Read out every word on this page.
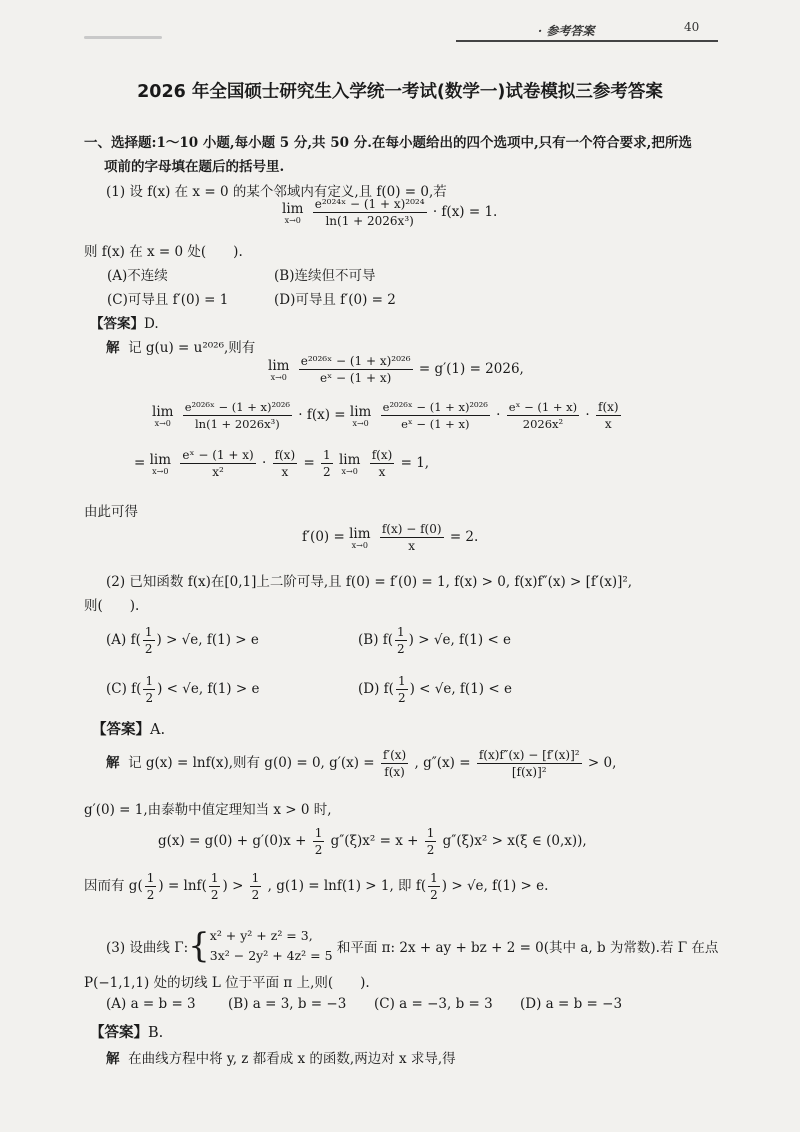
· 参考答案	40
2026 年全国硕士研究生入学统一考试(数学一)试卷模拟三参考答案
一、选择题:1～10 小题,每小题 5 分,共 50 分.在每小题给出的四个选项中,只有一个符合要求,把所选
项前的字母填在题后的括号里.
(1) 设 f(x) 在 x = 0 的某个邻域内有定义,且 f(0) = 0,若
lim
x→0
$\frac{\text{e²⁰²⁴ˣ − (1 + x)²⁰²⁴}}{\text{ln(1 + 2026x³)}} \cdot f(x) = 1$.
则 f(x) 在 x = 0 处(　　).
(A)不连续	(B)连续但不可导
(C)可导且 f′(0) = 1	(D)可导且 f′(0) = 2
【答案】D.
解 记 g(u) = u²⁰²⁶,则有
lim
x→0
$\frac{\text{e²⁰²⁶ˣ − (1 + x)²⁰²⁶}}{\text{eˣ − (1 + x)}} = g'(1) = 2026$,
lim
x→0
$\frac{\text{e²⁰²⁶ˣ − (1 + x)²⁰²⁶}}{\text{ln(1 + 2026x³)}} \cdot f(x) = \lim$
x→0
$\frac{\text{e²⁰²⁶ˣ − (1 + x)²⁰²⁶}}{\text{eˣ − (1 + x)}} \cdot \frac{\text{eˣ − (1 + x)}}{\text{2026x²}} \cdot \frac{f(x)}{x}$
= lim
x→0
$\frac{\text{eˣ − (1 + x)}}{\text{x²}} \cdot \frac{f(x)}{x} = \frac{1}{2}$ lim
x→0
$\frac{f(x)}{x} = 1$,
由此可得
f′(0) = lim
x→0
$\frac{f(x) - f(0)}{x} = 2$.
(2) 已知函数 f(x)在[0,1]上二阶可导,且 f(0) = f′(0) = 1, f(x) > 0, f(x)f″(x) > [f′(x)]²,
则(　　).
(A) $f( \frac{1}{2}$ ) > √e, f(1) > e	(B) $f( \frac{1}{2}$ ) > √e, f(1) < e
(C) $f( \frac{1}{2}$ ) < √e, f(1) > e	(D) $f( \frac{1}{2}$ ) < √e, f(1) < e
【答案】A.
解 记 g(x) = lnf(x),则有 g(0) = 0, $g'(x) = \frac{f'(x)}{f(x)}$ , $g''(x) = \frac{\text{f(x)f″(x) − [f′(x)]²}}{\text{[f(x)]²}} > 0$,
g′(0) = 1,由泰勒中值定理知当 x > 0 时,
$g(x) = g(0) + g'(0)x + \frac{1}{2} g''(\xi)x^2 = x + \frac{1}{2} g''(\xi)x^2 > x(\xi$ ∈ (0,x)),
因而有 $g( \frac{1}{2}$ ) = $\ln f( \frac{1}{2}$ ) > $\frac{1}{2}$ , g(1) = lnf(1) > 1, 即 $f( \frac{1}{2}$ ) > √e, f(1) > e.
(3) 设曲线 Γ:{ x² + y² + z² = 3,
3x² − 2y² + 4z² = 5 和平面 π: 2x + ay + bz + 2 = 0(其中 a, b 为常数).若 Γ 在点
P(−1,1,1) 处的切线 L 位于平面 π 上,则(　　).
(A) a = b = 3 (B) a = 3, b = −3 (C) a = −3, b = 3 (D) a = b = −3
【答案】B.
解 在曲线方程中将 y, z 都看成 x 的函数,两边对 x 求导,得
